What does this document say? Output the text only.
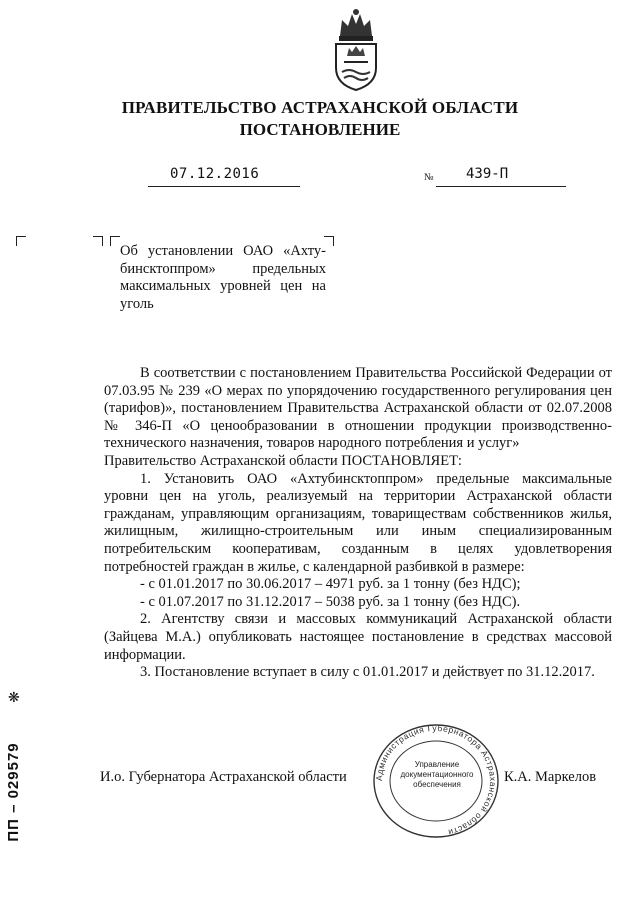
ПРАВИТЕЛЬСТВО АСТРАХАНСКОЙ ОБЛАСТИ
ПОСТАНОВЛЕНИЕ
07.12.2016	№ 439-П
Об установлении ОАО «Ахтубинсктоппром» предельных максимальных уровней цен на уголь

В соответствии с постановлением Правительства Российской Федерации от 07.03.95 № 239 «О мерах по упорядочению государственного регулирования цен (тарифов)», постановлением Правительства Астраханской области от 02.07.2008 № 346-П «О ценообразовании в отношении продукции производственно-технического назначения, товаров народного потребления и услуг»

Правительство Астраханской области ПОСТАНОВЛЯЕТ:

1. Установить ОАО «Ахтубинсктоппром» предельные максимальные уровни цен на уголь, реализуемый на территории Астраханской области гражданам, управляющим организациям, товариществам собственников жилья, жилищным, жилищно-строительным или иным специализированным потребительским кооперативам, созданным в целях удовлетворения потребностей граждан в жилье, с календарной разбивкой в размере:

- с 01.01.2017 по 30.06.2017 – 4971 руб. за 1 тонну (без НДС);

- с 01.07.2017 по 31.12.2017 – 5038 руб. за 1 тонну (без НДС).

2. Агентству связи и массовых коммуникаций Астраханской области (Зайцева М.А.) опубликовать настоящее постановление в средствах массовой информации.

3. Постановление вступает в силу с 01.01.2017 и действует по 31.12.2017.

Администрация Губернатора Астраханской области
Управление документационного обеспечения
И.о. Губернатора Астраханской области	К.А. Маркелов
❋
ПП – 029579
